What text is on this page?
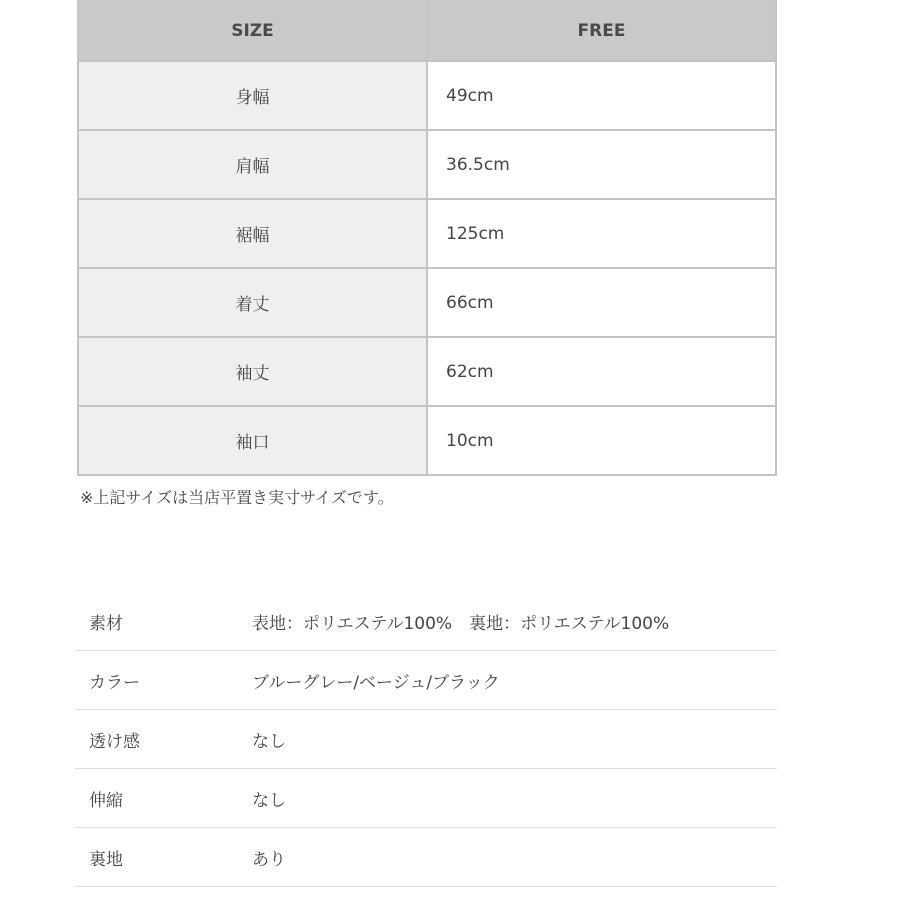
SIZE	FREE
身幅	49cm
肩幅	36.5cm
裾幅	125cm
着丈	66cm
袖丈	62cm
袖口	10cm
※上記サイズは当店平置き実寸サイズです。
素材	表地：ポリエステル100%　裏地：ポリエステル100%
カラー	ブルーグレー/ベージュ/ブラック
透け感	なし
伸縮	なし
裏地	あり
